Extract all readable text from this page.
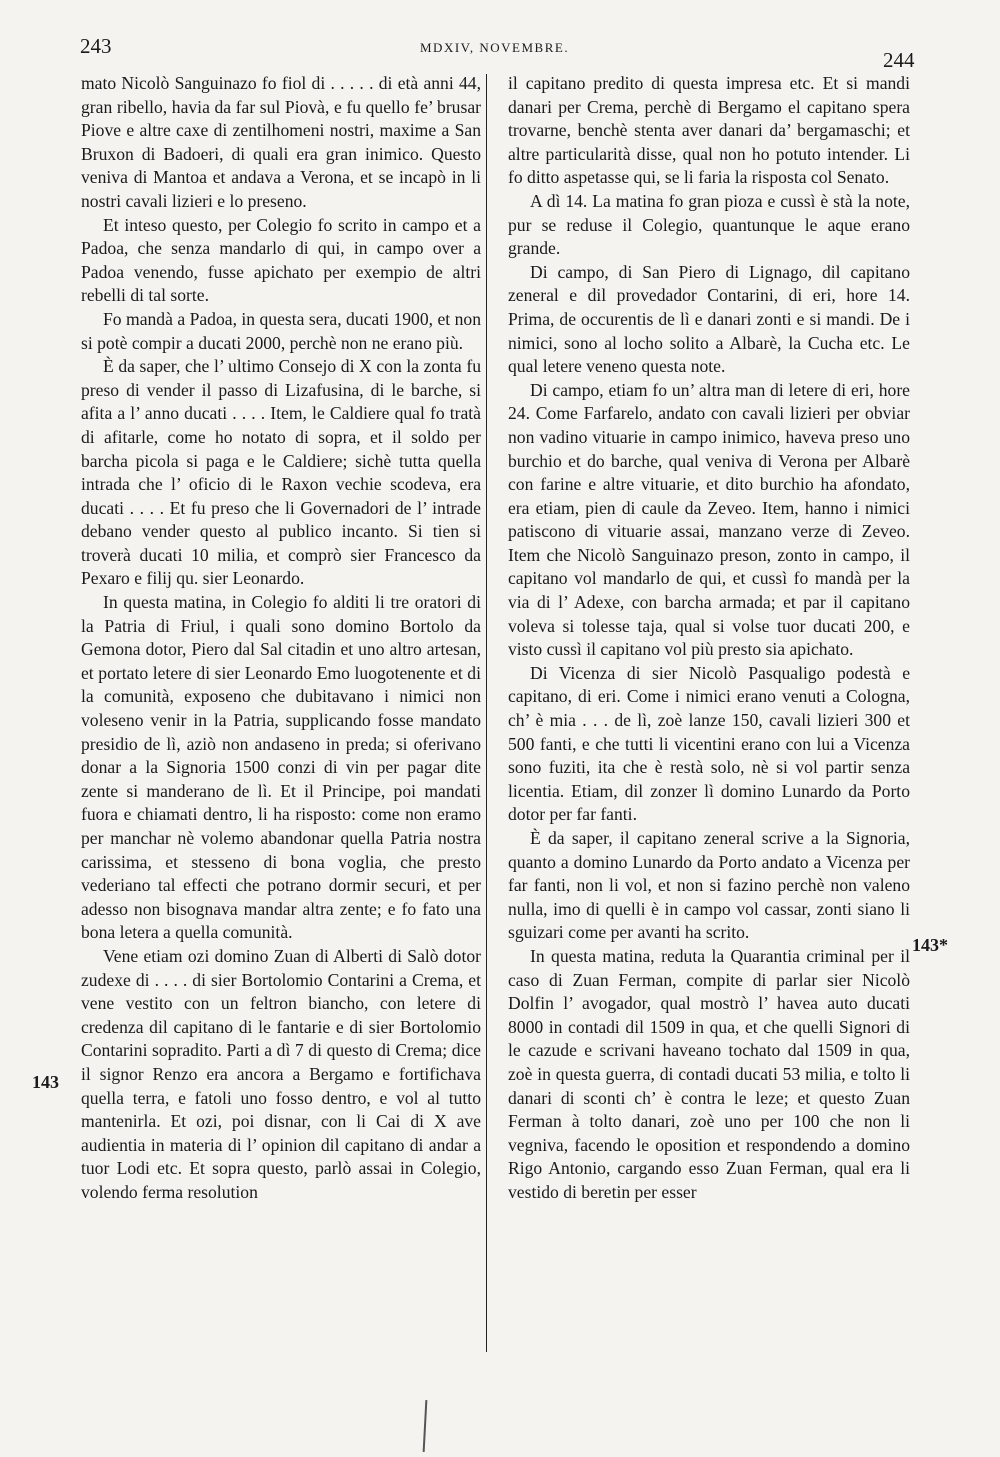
243	MDXIV, NOVEMBRE.
244

mato Nicolò Sanguinazo fo fiol di . . . . . di età anni 44, gran ribello, havia da far sul Piovà, e fu quello fe’ brusar Piove e altre caxe di zentilhomeni nostri, maxime a San Bruxon di Badoeri, di quali era gran inimico. Questo veniva di Mantoa et andava a Verona, et se incapò in li nostri cavali lizieri e lo preseno.

Et inteso questo, per Colegio fo scrito in campo et a Padoa, che senza mandarlo di qui, in campo over a Padoa venendo, fusse apichato per exempio de altri rebelli di tal sorte.

Fo mandà a Padoa, in questa sera, ducati 1900, et non si potè compir a ducati 2000, perchè non ne erano più.

È da saper, che l’ ultimo Consejo di X con la zonta fu preso di vender il passo di Lizafusina, di le barche, si afita a l’ anno ducati . . . . Item, le Caldiere qual fo tratà di afitarle, come ho notato di sopra, et il soldo per barcha picola si paga e le Caldiere; sichè tutta quella intrada che l’ oficio di le Raxon vechie scodeva, era ducati . . . . Et fu preso che li Governadori de l’ intrade debano vender questo al publico incanto. Si tien si troverà ducati 10 milia, et comprò sier Francesco da Pexaro e filij qu. sier Leonardo.

In questa matina, in Colegio fo alditi li tre oratori di la Patria di Friul, i quali sono domino Bortolo da Gemona dotor, Piero dal Sal citadin et uno altro artesan, et portato letere di sier Leonardo Emo luogotenente et di la comunità, exposeno che dubitavano i nimici non voleseno venir in la Patria, supplicando fosse mandato presidio de lì, aziò non andaseno in preda; si oferivano donar a la Signoria 1500 conzi di vin per pagar dite zente si manderano de lì. Et il Principe, poi mandati fuora e chiamati dentro, li ha risposto: come non eramo per manchar nè volemo abandonar quella Patria nostra carissima, et stesseno di bona voglia, che presto vederiano tal effecti che potrano dormir securi, et per adesso non bisognava mandar altra zente; e fo fato una bona letera a quella comunità.

Vene etiam ozi domino Zuan di Alberti di Salò dotor zudexe di . . . . di sier Bortolomio Contarini a Crema, et vene vestito con un feltron biancho, con letere di credenza dil capitano di le fantarie e di sier Bortolomio Contarini sopradito. Parti a dì 7 di questo di Crema; dice il signor Renzo era ancora a Bergamo e fortifichava quella terra, e fatoli uno fosso dentro, e vol al tutto mantenirla. Et ozi, poi disnar, con li Cai di X ave audientia in materia di l’ opinion dil capitano di andar a tuor Lodi etc. Et sopra questo, parlò assai in Colegio, volendo ferma resolution

il capitano predito di questa impresa etc. Et si mandi danari per Crema, perchè di Bergamo el capitano spera trovarne, benchè stenta aver danari da’ bergamaschi; et altre particularità disse, qual non ho potuto intender. Li fo ditto aspetasse qui, se li faria la risposta col Senato.

A dì 14. La matina fo gran pioza e cussì è stà la note, pur se reduse il Colegio, quantunque le aque erano grande.

Di campo, di San Piero di Lignago, dil capitano zeneral e dil provedador Contarini, di eri, hore 14. Prima, de occurentis de lì e danari zonti e si mandi. De i nimici, sono al locho solito a Albarè, la Cucha etc. Le qual letere veneno questa note.

Di campo, etiam fo un’ altra man di letere di eri, hore 24. Come Farfarelo, andato con cavali lizieri per obviar non vadino vituarie in campo inimico, haveva preso uno burchio et do barche, qual veniva di Verona per Albarè con farine e altre vituarie, et dito burchio ha afondato, era etiam, pien di caule da Zeveo. Item, hanno i nimici patiscono di vituarie assai, manzano verze di Zeveo. Item che Nicolò Sanguinazo preson, zonto in campo, il capitano vol mandarlo de qui, et cussì fo mandà per la via di l’ Adexe, con barcha armada; et par il capitano voleva si tolesse taja, qual si volse tuor ducati 200, e visto cussì il capitano vol più presto sia apichato.

Di Vicenza di sier Nicolò Pasqualigo podestà e capitano, di eri. Come i nimici erano venuti a Cologna, ch’ è mia . . . de lì, zoè lanze 150, cavali lizieri 300 et 500 fanti, e che tutti li vicentini erano con lui a Vicenza sono fuziti, ita che è restà solo, nè si vol partir senza licentia. Etiam, dil zonzer lì domino Lunardo da Porto dotor per far fanti.

È da saper, il capitano zeneral scrive a la Signoria, quanto a domino Lunardo da Porto andato a Vicenza per far fanti, non li vol, et non si fazino perchè non valeno nulla, imo di quelli è in campo vol cassar, zonti siano li sguizari come per avanti ha scrito.

In questa matina, reduta la Quarantia criminal per il caso di Zuan Ferman, compite di parlar sier Nicolò Dolfin l’ avogador, qual mostrò l’ havea auto ducati 8000 in contadi dil 1509 in qua, et che quelli Signori di le cazude e scrivani haveano tochato dal 1509 in qua, zoè in questa guerra, di contadi ducati 53 milia, e tolto li danari di sconti ch’ è contra le leze; et questo Zuan Ferman à tolto danari, zoè uno per 100 che non li vegniva, facendo le oposition et respondendo a domino Rigo Antonio, cargando esso Zuan Ferman, qual era li vestido di beretin per esser

143
143*
